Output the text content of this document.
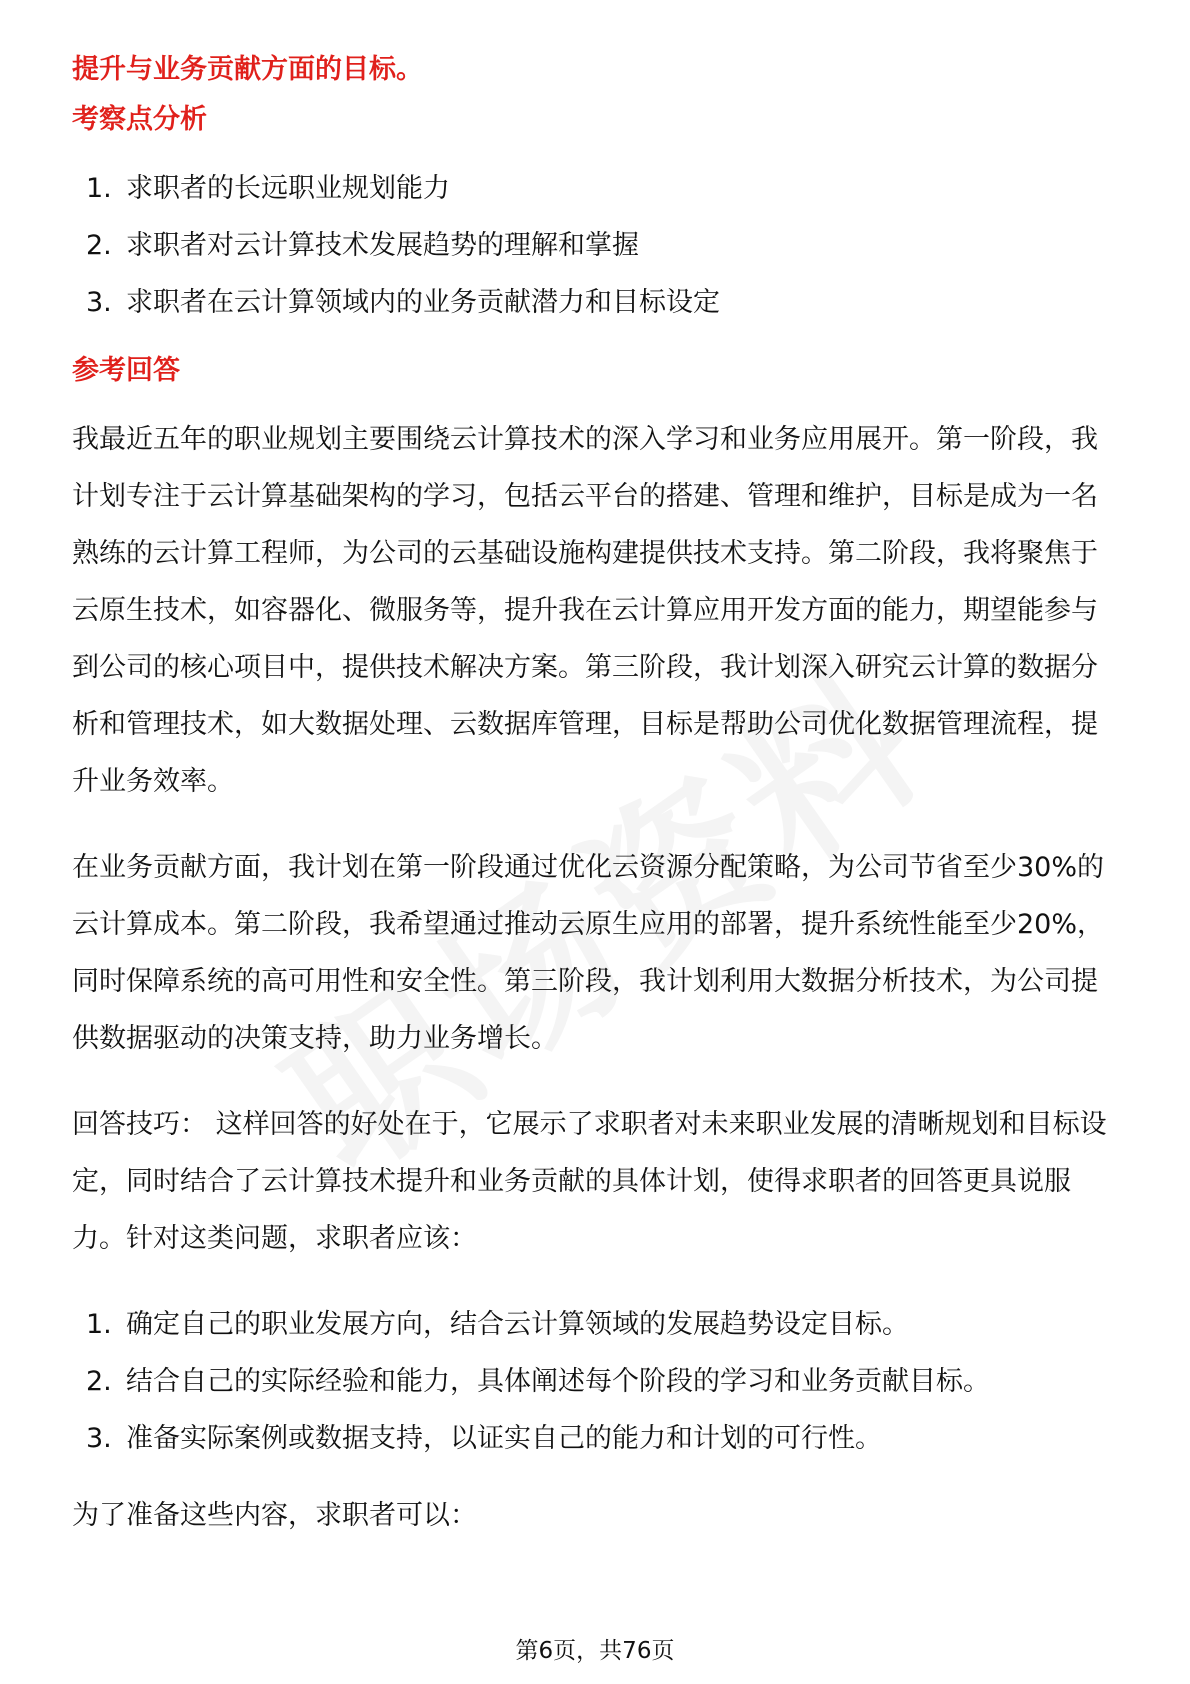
提升与业务贡献方面的目标。
考察点分析
1. 求职者的长远职业规划能力
2. 求职者对云计算技术发展趋势的理解和掌握
3. 求职者在云计算领域内的业务贡献潜力和目标设定
参考回答

我最近五年的职业规划主要围绕云计算技术的深入学习和业务应用展开。第一阶段，我计划专注于云计算基础架构的学习，包括云平台的搭建、管理和维护，目标是成为一名熟练的云计算工程师，为公司的云基础设施构建提供技术支持。第二阶段，我将聚焦于云原生技术，如容器化、微服务等，提升我在云计算应用开发方面的能力，期望能参与到公司的核心项目中，提供技术解决方案。第三阶段，我计划深入研究云计算的数据分析和管理技术，如大数据处理、云数据库管理，目标是帮助公司优化数据管理流程，提升业务效率。

在业务贡献方面，我计划在第一阶段通过优化云资源分配策略，为公司节省至少30%的云计算成本。第二阶段，我希望通过推动云原生应用的部署，提升系统性能至少20%，同时保障系统的高可用性和安全性。第三阶段，我计划利用大数据分析技术，为公司提供数据驱动的决策支持，助力业务增长。

回答技巧： 这样回答的好处在于，它展示了求职者对未来职业发展的清晰规划和目标设定，同时结合了云计算技术提升和业务贡献的具体计划，使得求职者的回答更具说服力。针对这类问题，求职者应该：

1. 确定自己的职业发展方向，结合云计算领域的发展趋势设定目标。
2. 结合自己的实际经验和能力，具体阐述每个阶段的学习和业务贡献目标。
3. 准备实际案例或数据支持，以证实自己的能力和计划的可行性。

为了准备这些内容，求职者可以：

第6页，共76页
